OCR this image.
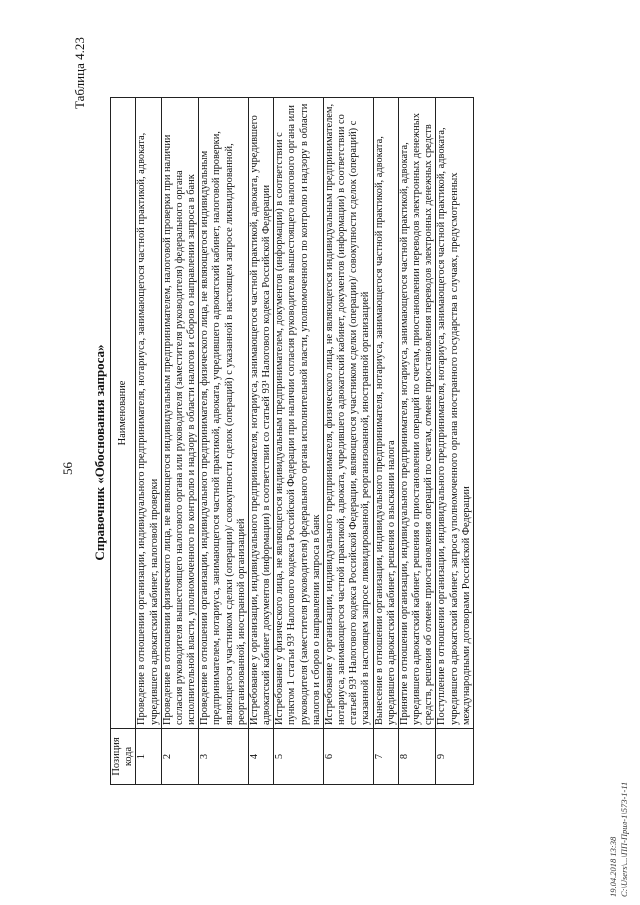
56
Таблица 4.23
Справочник «Обоснования запроса»
Позиция кода	Наименование
1	Проведение в отношении организации, индивидуального предпринимателя, нотариуса, занимающегося частной практикой, адвоката, учредившего адвокатский кабинет, налоговой проверки
2	Проведение в отношении физического лица, не являющегося индивидуальным предпринимателем, налоговой проверки при наличии согласия руководителя вышестоящего налогового органа или руководителя (заместителя руководителя) федерального органа исполнительной власти, уполномоченного по контролю и надзору в области налогов и сборов о направлении запроса в банк
3	Проведение в отношении организации, индивидуального предпринимателя, физического лица, не являющегося индивидуальным предпринимателем, нотариуса, занимающегося частной практикой, адвоката, учредившего адвокатский кабинет, налоговой проверки, являющегося участником сделки (операции)/ совокупности сделок (операций) с указанной в настоящем запросе ликвидированной, реорганизованной, иностранной организацией
4	Истребование у организации, индивидуального предпринимателя, нотариуса, занимающегося частной практикой, адвоката, учредившего адвокатский кабинет документов (информации) в соответствии со статьей 93¹ Налогового кодекса Российской Федерации
5	Истребование у физического лица, не являющегося индивидуальным предпринимателем, документов (информации) в соответствии с пунктом 1 статьи 93¹ Налогового кодекса Российской Федерации при наличии согласия руководителя вышестоящего налогового органа или руководителя (заместителя руководителя) федерального органа исполнительной власти, уполномоченного по контролю и надзору в области налогов и сборов о направлении запроса в банк
6	Истребование у организации, индивидуального предпринимателя, физического лица, не являющегося индивидуальным предпринимателем, нотариуса, занимающегося частной практикой, адвоката, учредившего адвокатский кабинет, документов (информации) в соответствии со статьей 93¹ Налогового кодекса Российской Федерации, являющегося участником сделки (операции)/ совокупности сделок (операций) с указанной в настоящем запросе ликвидированной, реорганизованной, иностранной организацией
7	Вынесение в отношении организации, индивидуального предпринимателя, нотариуса, занимающегося частной практикой, адвоката, учредившего адвокатский кабинет, решения о взыскании налога
8	Принятие в отношении организации, индивидуального предпринимателя, нотариуса, занимающегося частной практикой, адвоката, учредившего адвокатский кабинет, решения о приостановлении операций по счетам, приостановлении переводов электронных денежных средств, решения об отмене приостановления операций по счетам, отмене приостановления переводов электронных денежных средств
9	Поступление в отношении организации, индивидуального предпринимателя, нотариуса, занимающегося частной практикой, адвоката, учредившего адвокатский кабинет, запроса уполномоченного органа иностранного государства в случаях, предусмотренных международными договорами Российской Федерации
19.04.2018 13:38 C:\Users\...\ПП-Прил-1\573-1-11
